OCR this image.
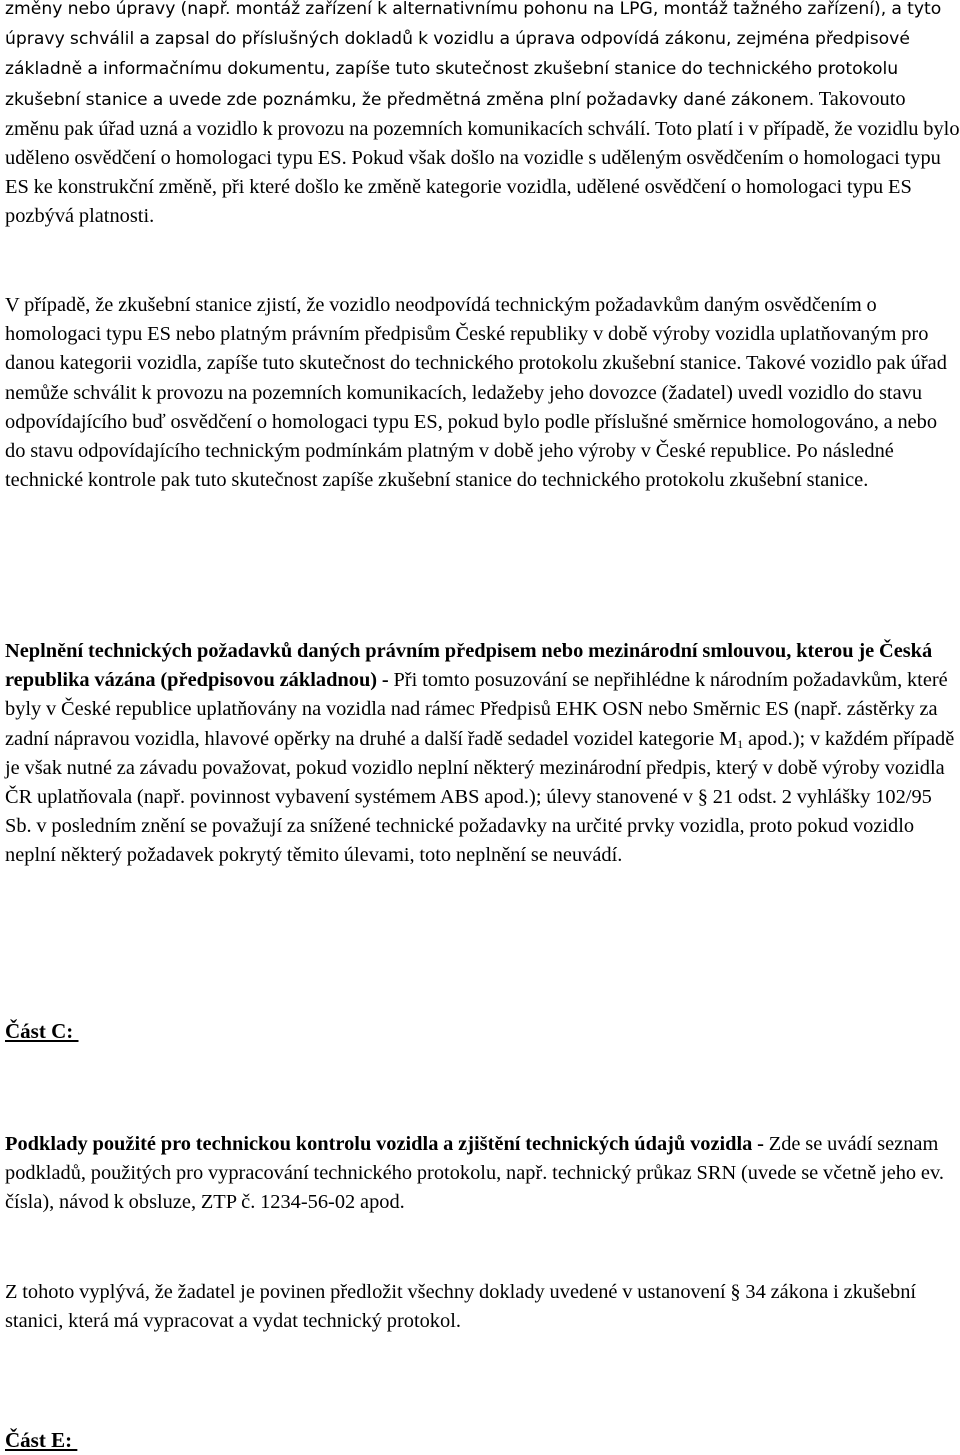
změny nebo úpravy (např. montáž zařízení k alternativnímu pohonu na LPG, montáž tažného zařízení), a tyto úpravy schválil a zapsal do příslušných dokladů k vozidlu a úprava odpovídá zákonu, zejména předpisové základně a informačnímu dokumentu, zapíše tuto skutečnost zkušební stanice do technického protokolu zkušební stanice a uvede zde poznámku, že předmětná změna plní požadavky dané zákonem. Takovouto změnu pak úřad uzná a vozidlo k provozu na pozemních komunikacích schválí. Toto platí i v případě, že vozidlu bylo uděleno osvědčení o homologaci typu ES. Pokud však došlo na vozidle s uděleným osvědčením o homologaci typu ES ke konstrukční změně, při které došlo ke změně kategorie vozidla, udělené osvědčení o homologaci typu ES pozbývá platnosti.

V případě, že zkušební stanice zjistí, že vozidlo neodpovídá technickým požadavkům daným osvědčením o homologaci typu ES nebo platným právním předpisům České republiky v době výroby vozidla uplatňovaným pro danou kategorii vozidla, zapíše tuto skutečnost do technického protokolu zkušební stanice. Takové vozidlo pak úřad nemůže schválit k provozu na pozemních komunikacích, ledažeby jeho dovozce (žadatel) uvedl vozidlo do stavu odpovídajícího buď osvědčení o homologaci typu ES, pokud bylo podle příslušné směrnice homologováno, a nebo do stavu odpovídajícího technickým podmínkám platným v době jeho výroby v České republice. Po následné technické kontrole pak tuto skutečnost zapíše zkušební stanice do technického protokolu zkušební stanice.

Neplnění technických požadavků daných právním předpisem nebo mezinárodní smlouvou, kterou je Česká republika vázána (předpisovou základnou) - Při tomto posuzování se nepřihlédne k národním požadavkům, které byly v České republice uplatňovány na vozidla nad rámec Předpisů EHK OSN nebo Směrnic ES (např. zástěrky za zadní nápravou vozidla, hlavové opěrky na druhé a další řadě sedadel vozidel kategorie $M_1$ apod.); v každém případě je však nutné za závadu považovat, pokud vozidlo neplní některý mezinárodní předpis, který v době výroby vozidla ČR uplatňovala (např. povinnost vybavení systémem ABS apod.); úlevy stanovené v § 21 odst. 2 vyhlášky 102/95 Sb. v posledním znění se považují za snížené technické požadavky na určité prvky vozidla, proto pokud vozidlo neplní některý požadavek pokrytý těmito úlevami, toto neplnění se neuvádí.

Část C:

Podklady použité pro technickou kontrolu vozidla a zjištění technických údajů vozidla - Zde se uvádí seznam podkladů, použitých pro vypracování technického protokolu, např. technický průkaz SRN (uvede se včetně jeho ev. čísla), návod k obsluze, ZTP č. 1234-56-02 apod.

Z tohoto vyplývá, že žadatel je povinen předložit všechny doklady uvedené v ustanovení § 34 zákona i zkušební stanici, která má vypracovat a vydat technický protokol.

Část E:
